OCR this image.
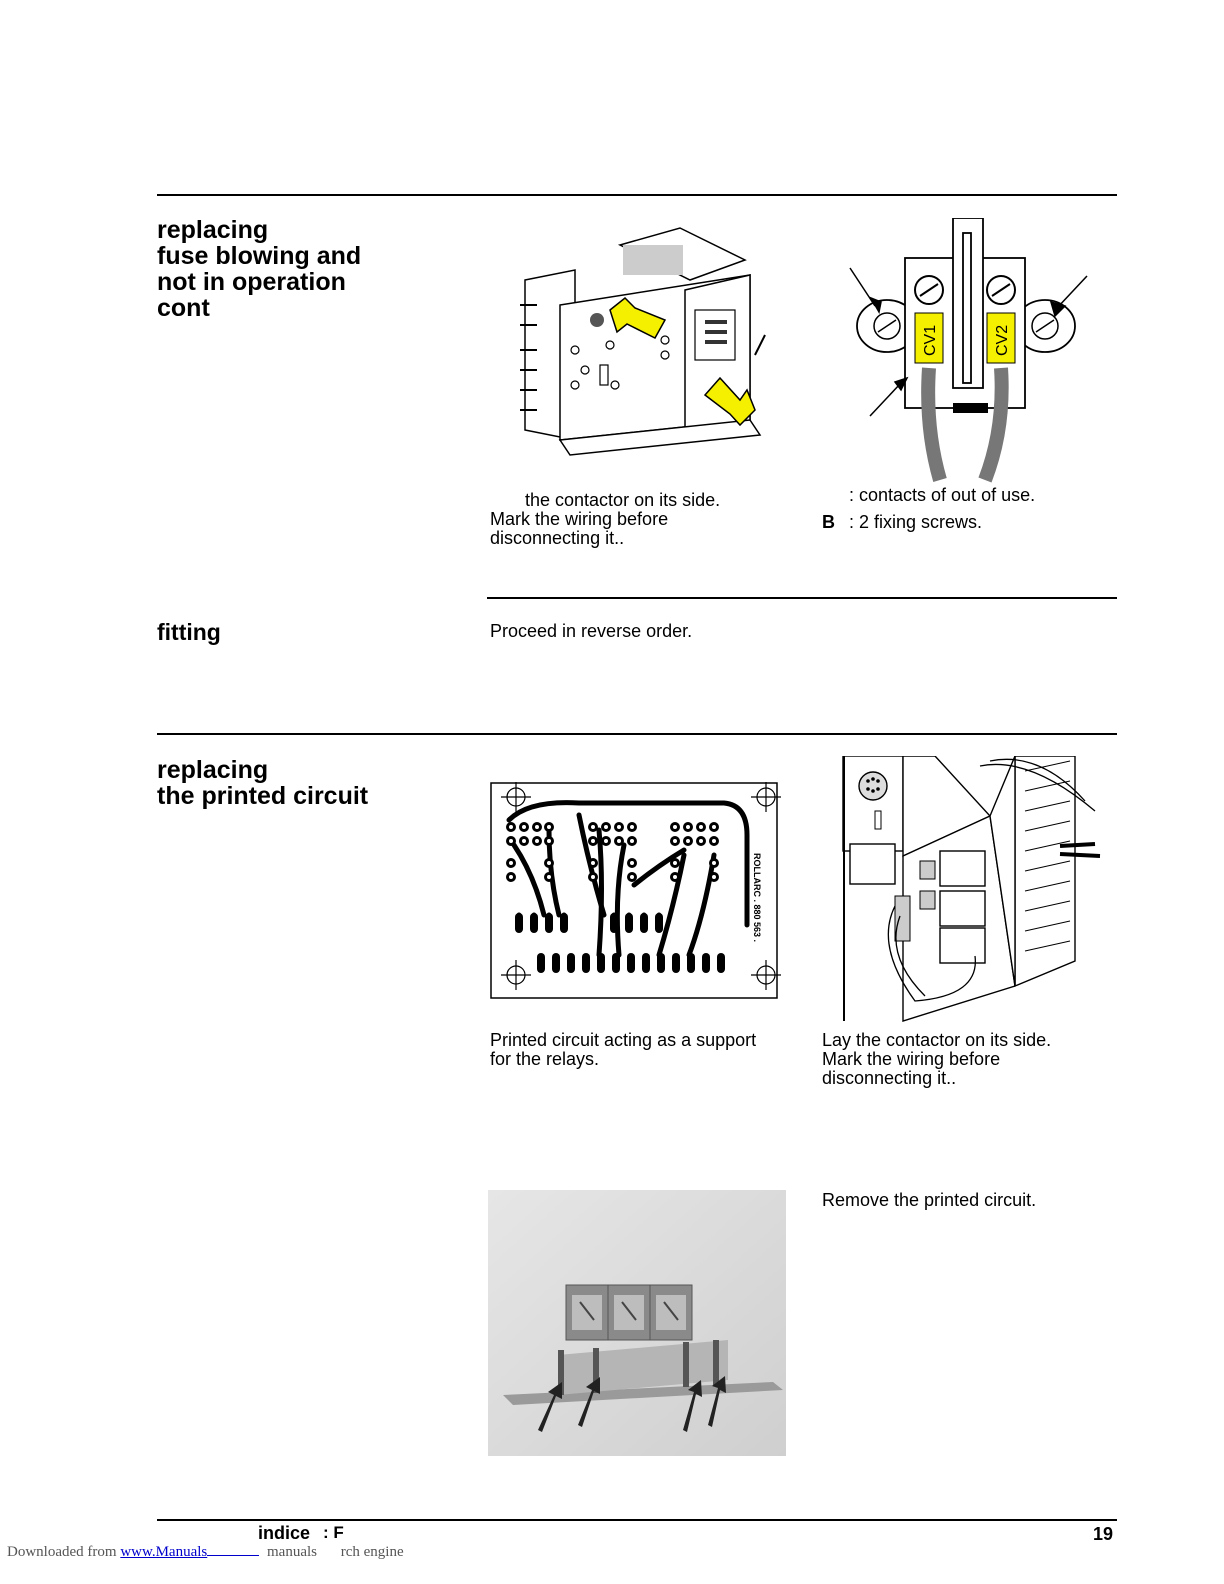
replacing
fuse blowing and
not in operation
cont
CV1	CV2
the contactor on its side.
Mark the wiring before
disconnecting it..
: contacts of out of use.
B : 2 fixing screws.
fitting	Proceed in reverse order.
replacing
the printed circuit
ROLLARC . 880 563 .
Printed circuit acting as a support
for the relays.
Lay the contactor on its side.
Mark the wiring before
disconnecting it..
Remove the printed circuit.
indice : F	19
Downloaded from www.Manuals	manuals rch engine
